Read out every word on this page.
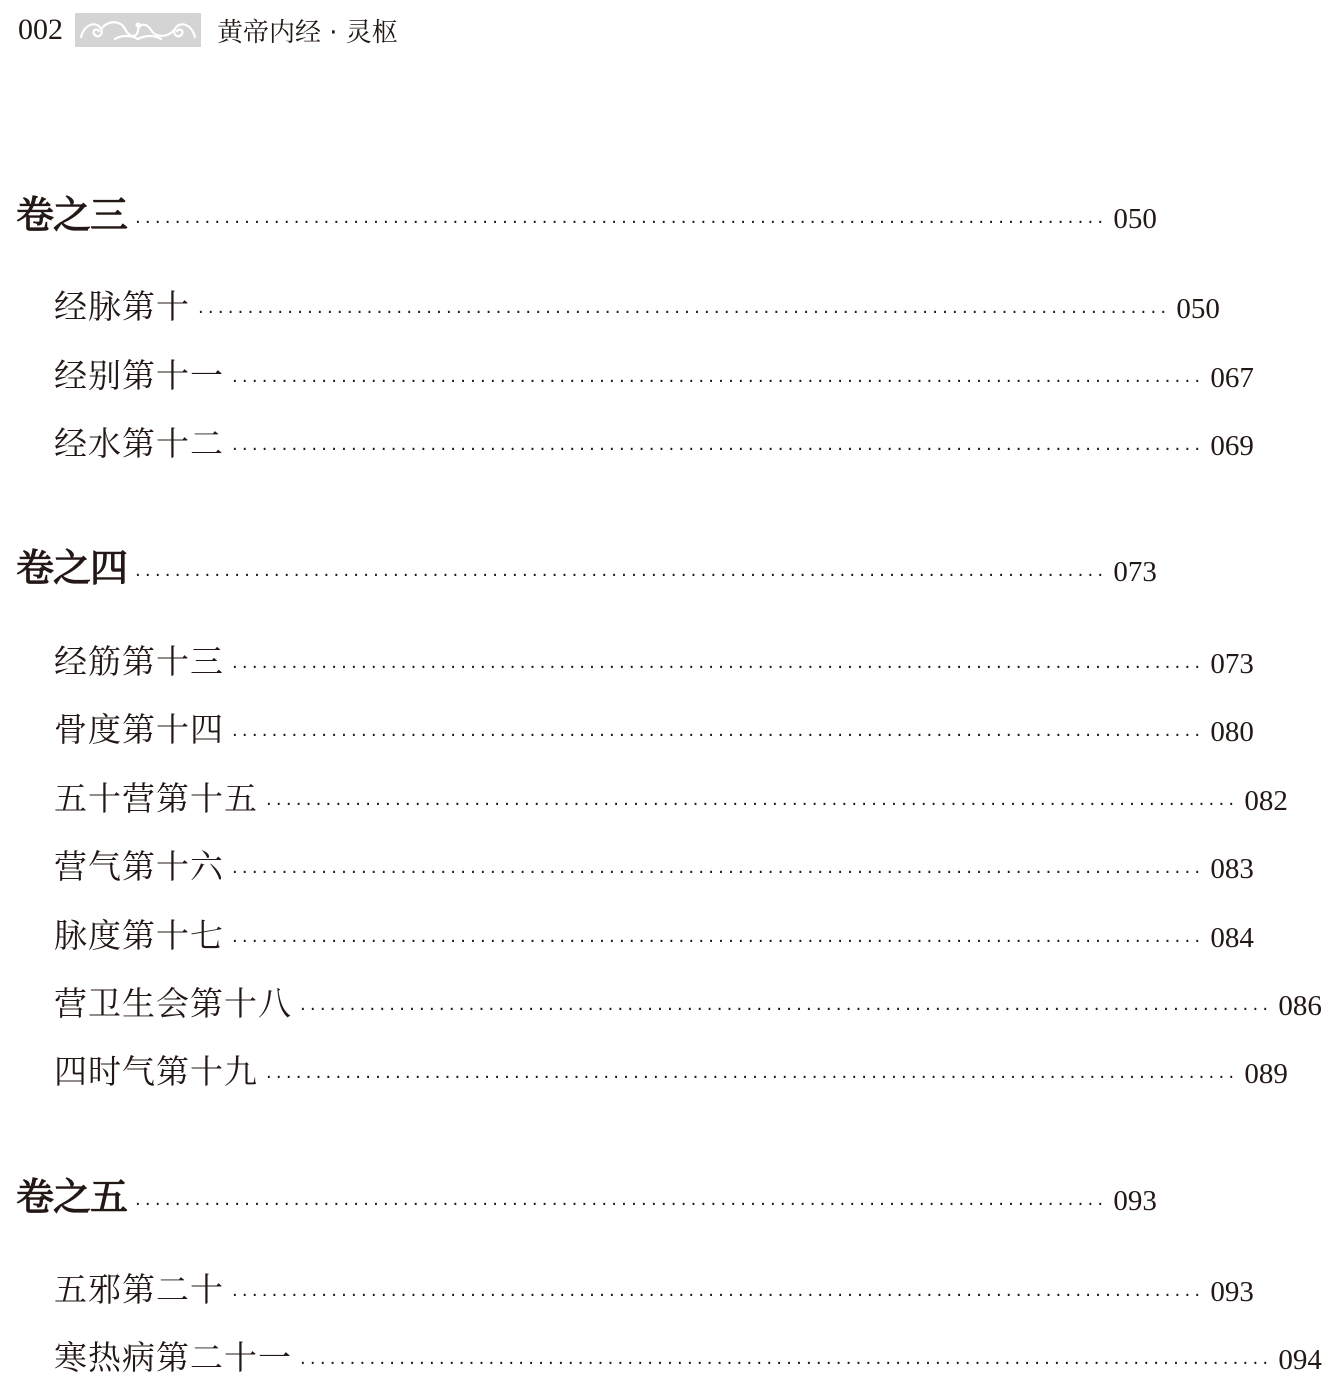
002	黄帝内经 · 灵枢
卷之三 ·································································································· 050
经脉第十 ·································································································· 050
经别第十一 ·································································································· 067
经水第十二 ·································································································· 069
卷之四 ·································································································· 073
经筋第十三 ·································································································· 073
骨度第十四 ·································································································· 080
五十营第十五 ·································································································· 082
营气第十六 ·································································································· 083
脉度第十七 ·································································································· 084
营卫生会第十八 ·································································································· 086
四时气第十九 ·································································································· 089
卷之五 ·································································································· 093
五邪第二十 ·································································································· 093
寒热病第二十一 ·································································································· 094
